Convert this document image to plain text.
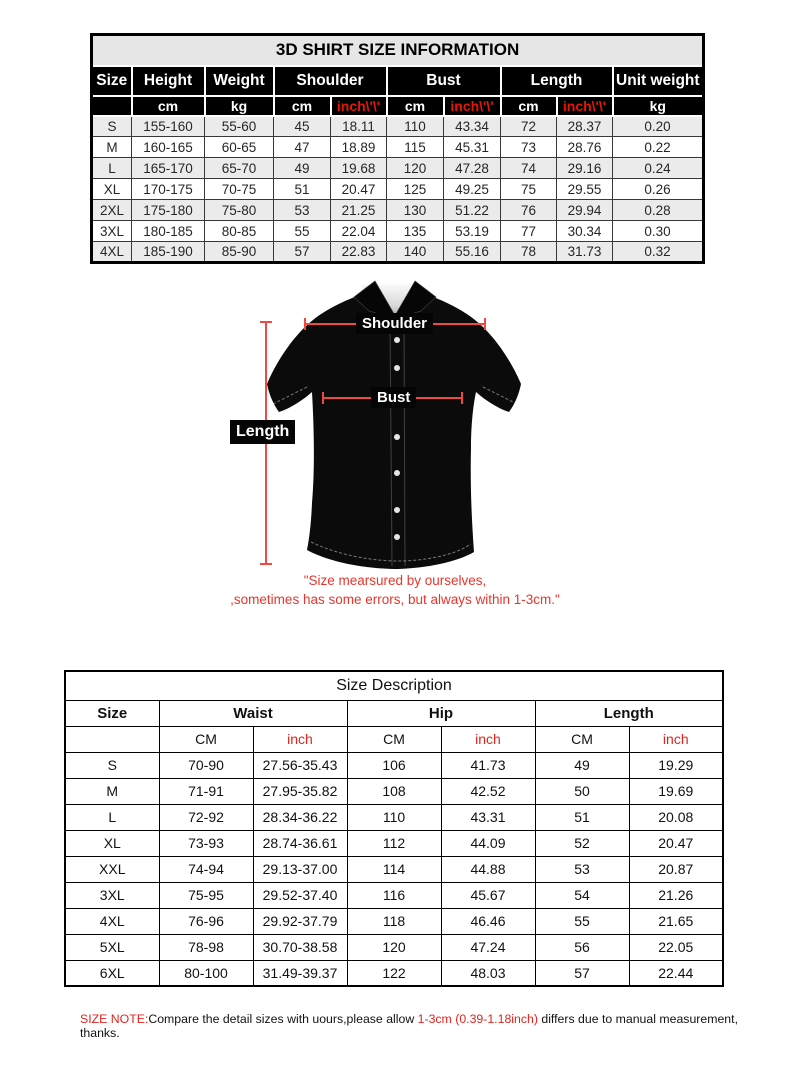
3D SHIRT SIZE INFORMATION									
Size	Height	Weight	Shoulder		Bust		Length		Unit weight
	cm	kg	cm	inch\'\'	cm	inch\'\'	cm	inch\'\'	kg
S	155-160	55-60	45	18.11	110	43.34	72	28.37	0.20
M	160-165	60-65	47	18.89	115	45.31	73	28.76	0.22
L	165-170	65-70	49	19.68	120	47.28	74	29.16	0.24
XL	170-175	70-75	51	20.47	125	49.25	75	29.55	0.26
2XL	175-180	75-80	53	21.25	130	51.22	76	29.94	0.28
3XL	180-185	80-85	55	22.04	135	53.19	77	30.34	0.30
4XL	185-190	85-90	57	22.83	140	55.16	78	31.73	0.32
Shoulder
Bust
Length
"Size mearsured by ourselves,
,sometimes has some errors, but always within 1-3cm."
Size Description						
Size	Waist		Hip		Length	
	CM	inch	CM	inch	CM	inch
S	70-90	27.56-35.43	106	41.73	49	19.29
M	71-91	27.95-35.82	108	42.52	50	19.69
L	72-92	28.34-36.22	110	43.31	51	20.08
XL	73-93	28.74-36.61	112	44.09	52	20.47
XXL	74-94	29.13-37.00	114	44.88	53	20.87
3XL	75-95	29.52-37.40	116	45.67	54	21.26
4XL	76-96	29.92-37.79	118	46.46	55	21.65
5XL	78-98	30.70-38.58	120	47.24	56	22.05
6XL	80-100	31.49-39.37	122	48.03	57	22.44
SIZE NOTE:Compare the detail sizes with uours,please allow 1-3cm (0.39-1.18inch) differs due to manual measurement, thanks.
